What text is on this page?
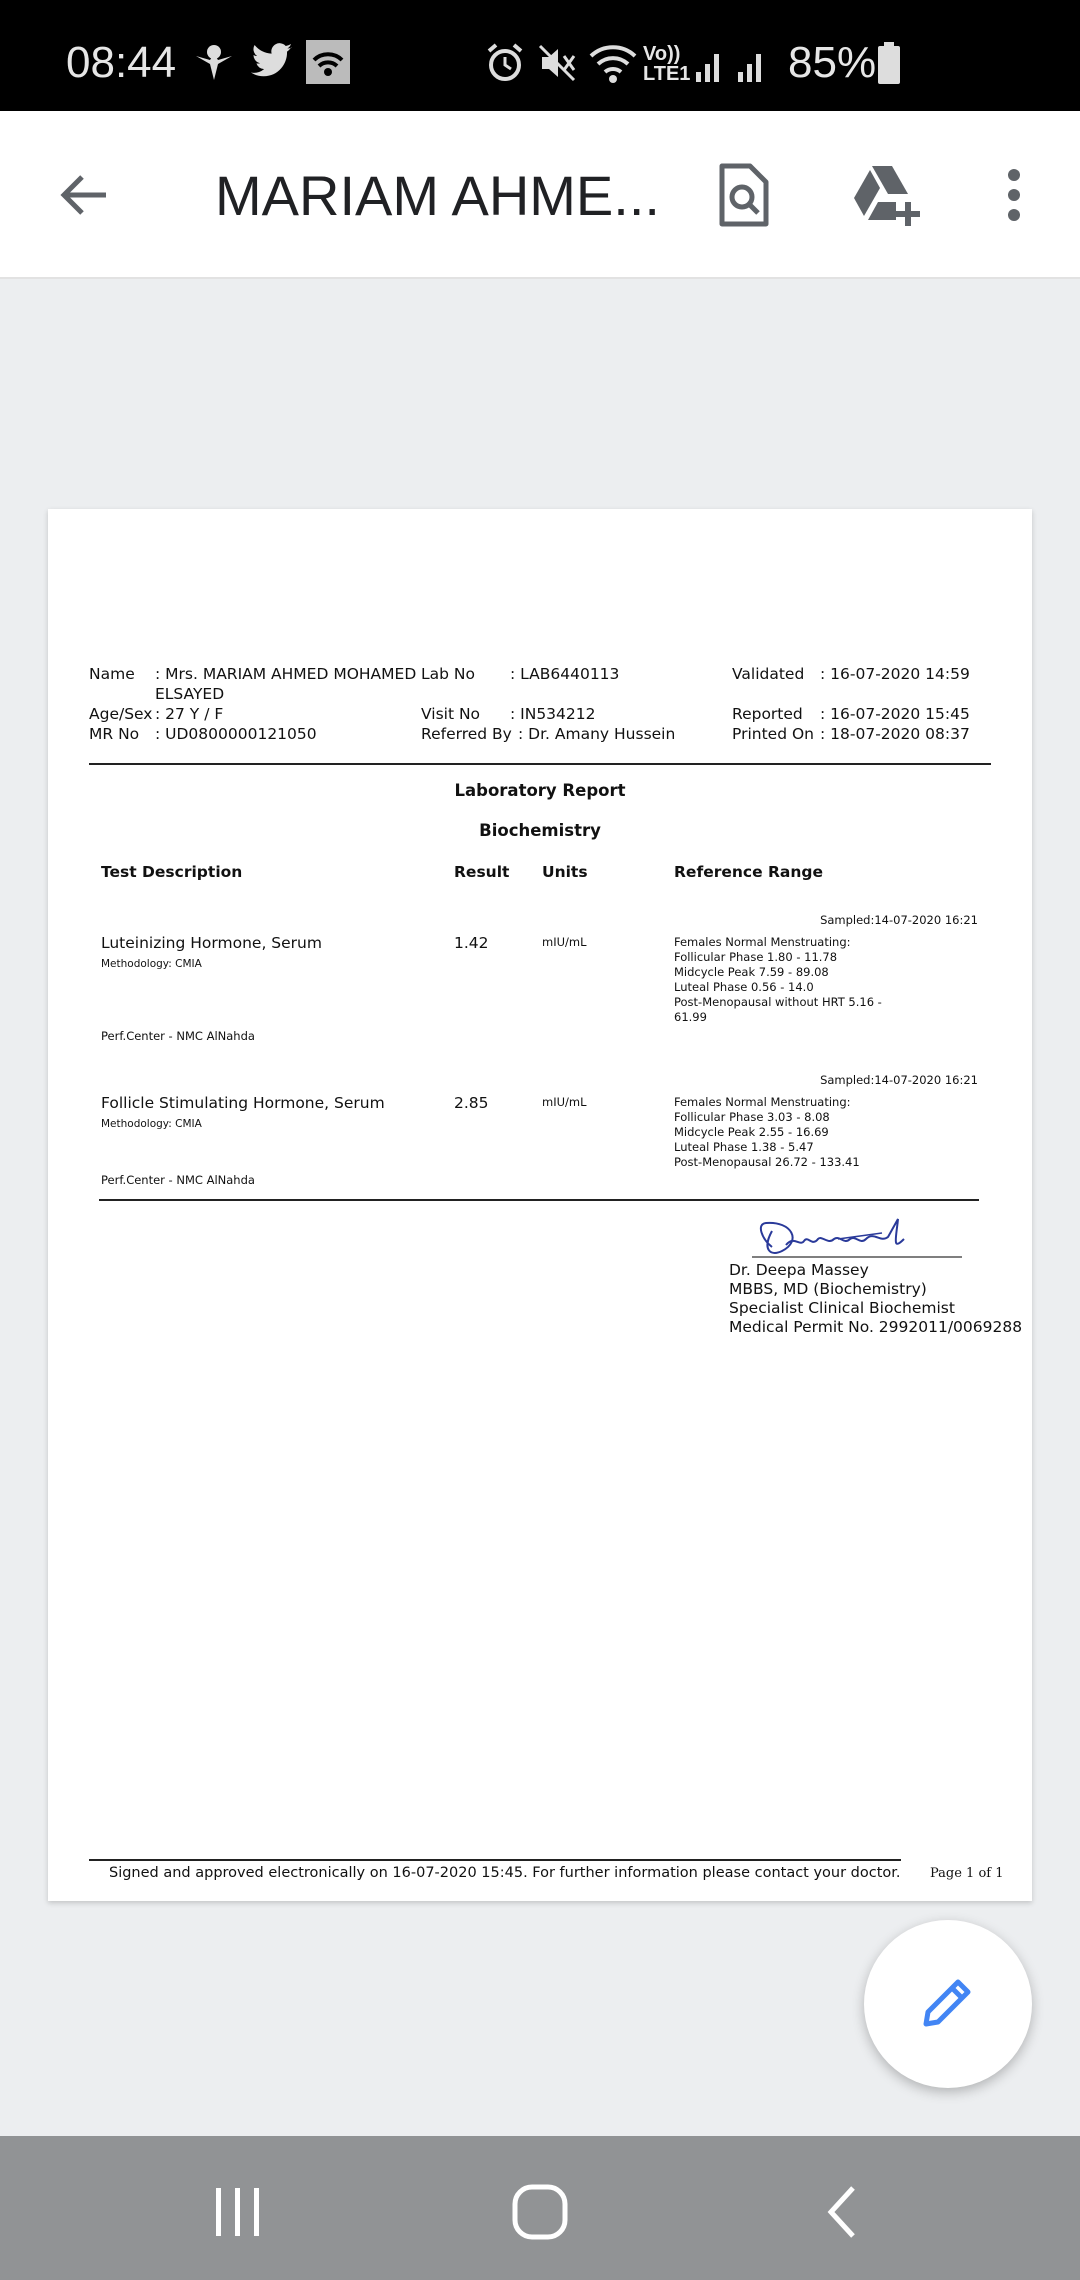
08:44	Vo))
LTE1 85%
MARIAM AHME...
Name : Mrs. MARIAM AHMED MOHAMED
ELSAYED
Age/Sex : 27 Y / F
MR No : UD0800000121050
Lab No : LAB6440113
Visit No : IN534212
Referred By : Dr. Amany Hussein
Validated : 16-07-2020 14:59
Reported : 16-07-2020 15:45
Printed On : 18-07-2020 08:37
Laboratory Report
Biochemistry
Test Description	Result Units	Reference Range
Sampled:14-07-2020 16:21
Luteinizing Hormone, Serum
Methodology: CMIA
1.42	mIU/mL	Females Normal Menstruating:
Follicular Phase 1.80 - 11.78
Midcycle Peak 7.59 - 89.08
Luteal Phase 0.56 - 14.0
Post-Menopausal without HRT 5.16 -
61.99
Perf.Center - NMC AlNahda
Sampled:14-07-2020 16:21
Follicle Stimulating Hormone, Serum
Methodology: CMIA
2.85	mIU/mL	Females Normal Menstruating:
Follicular Phase 3.03 - 8.08
Midcycle Peak 2.55 - 16.69
Luteal Phase 1.38 - 5.47
Post-Menopausal 26.72 - 133.41
Perf.Center - NMC AlNahda
Dr. Deepa Massey
MBBS, MD (Biochemistry)
Specialist Clinical Biochemist
Medical Permit No. 2992011/0069288
Signed and approved electronically on 16-07-2020 15:45. For further information please contact your doctor. Page 1 of 1
